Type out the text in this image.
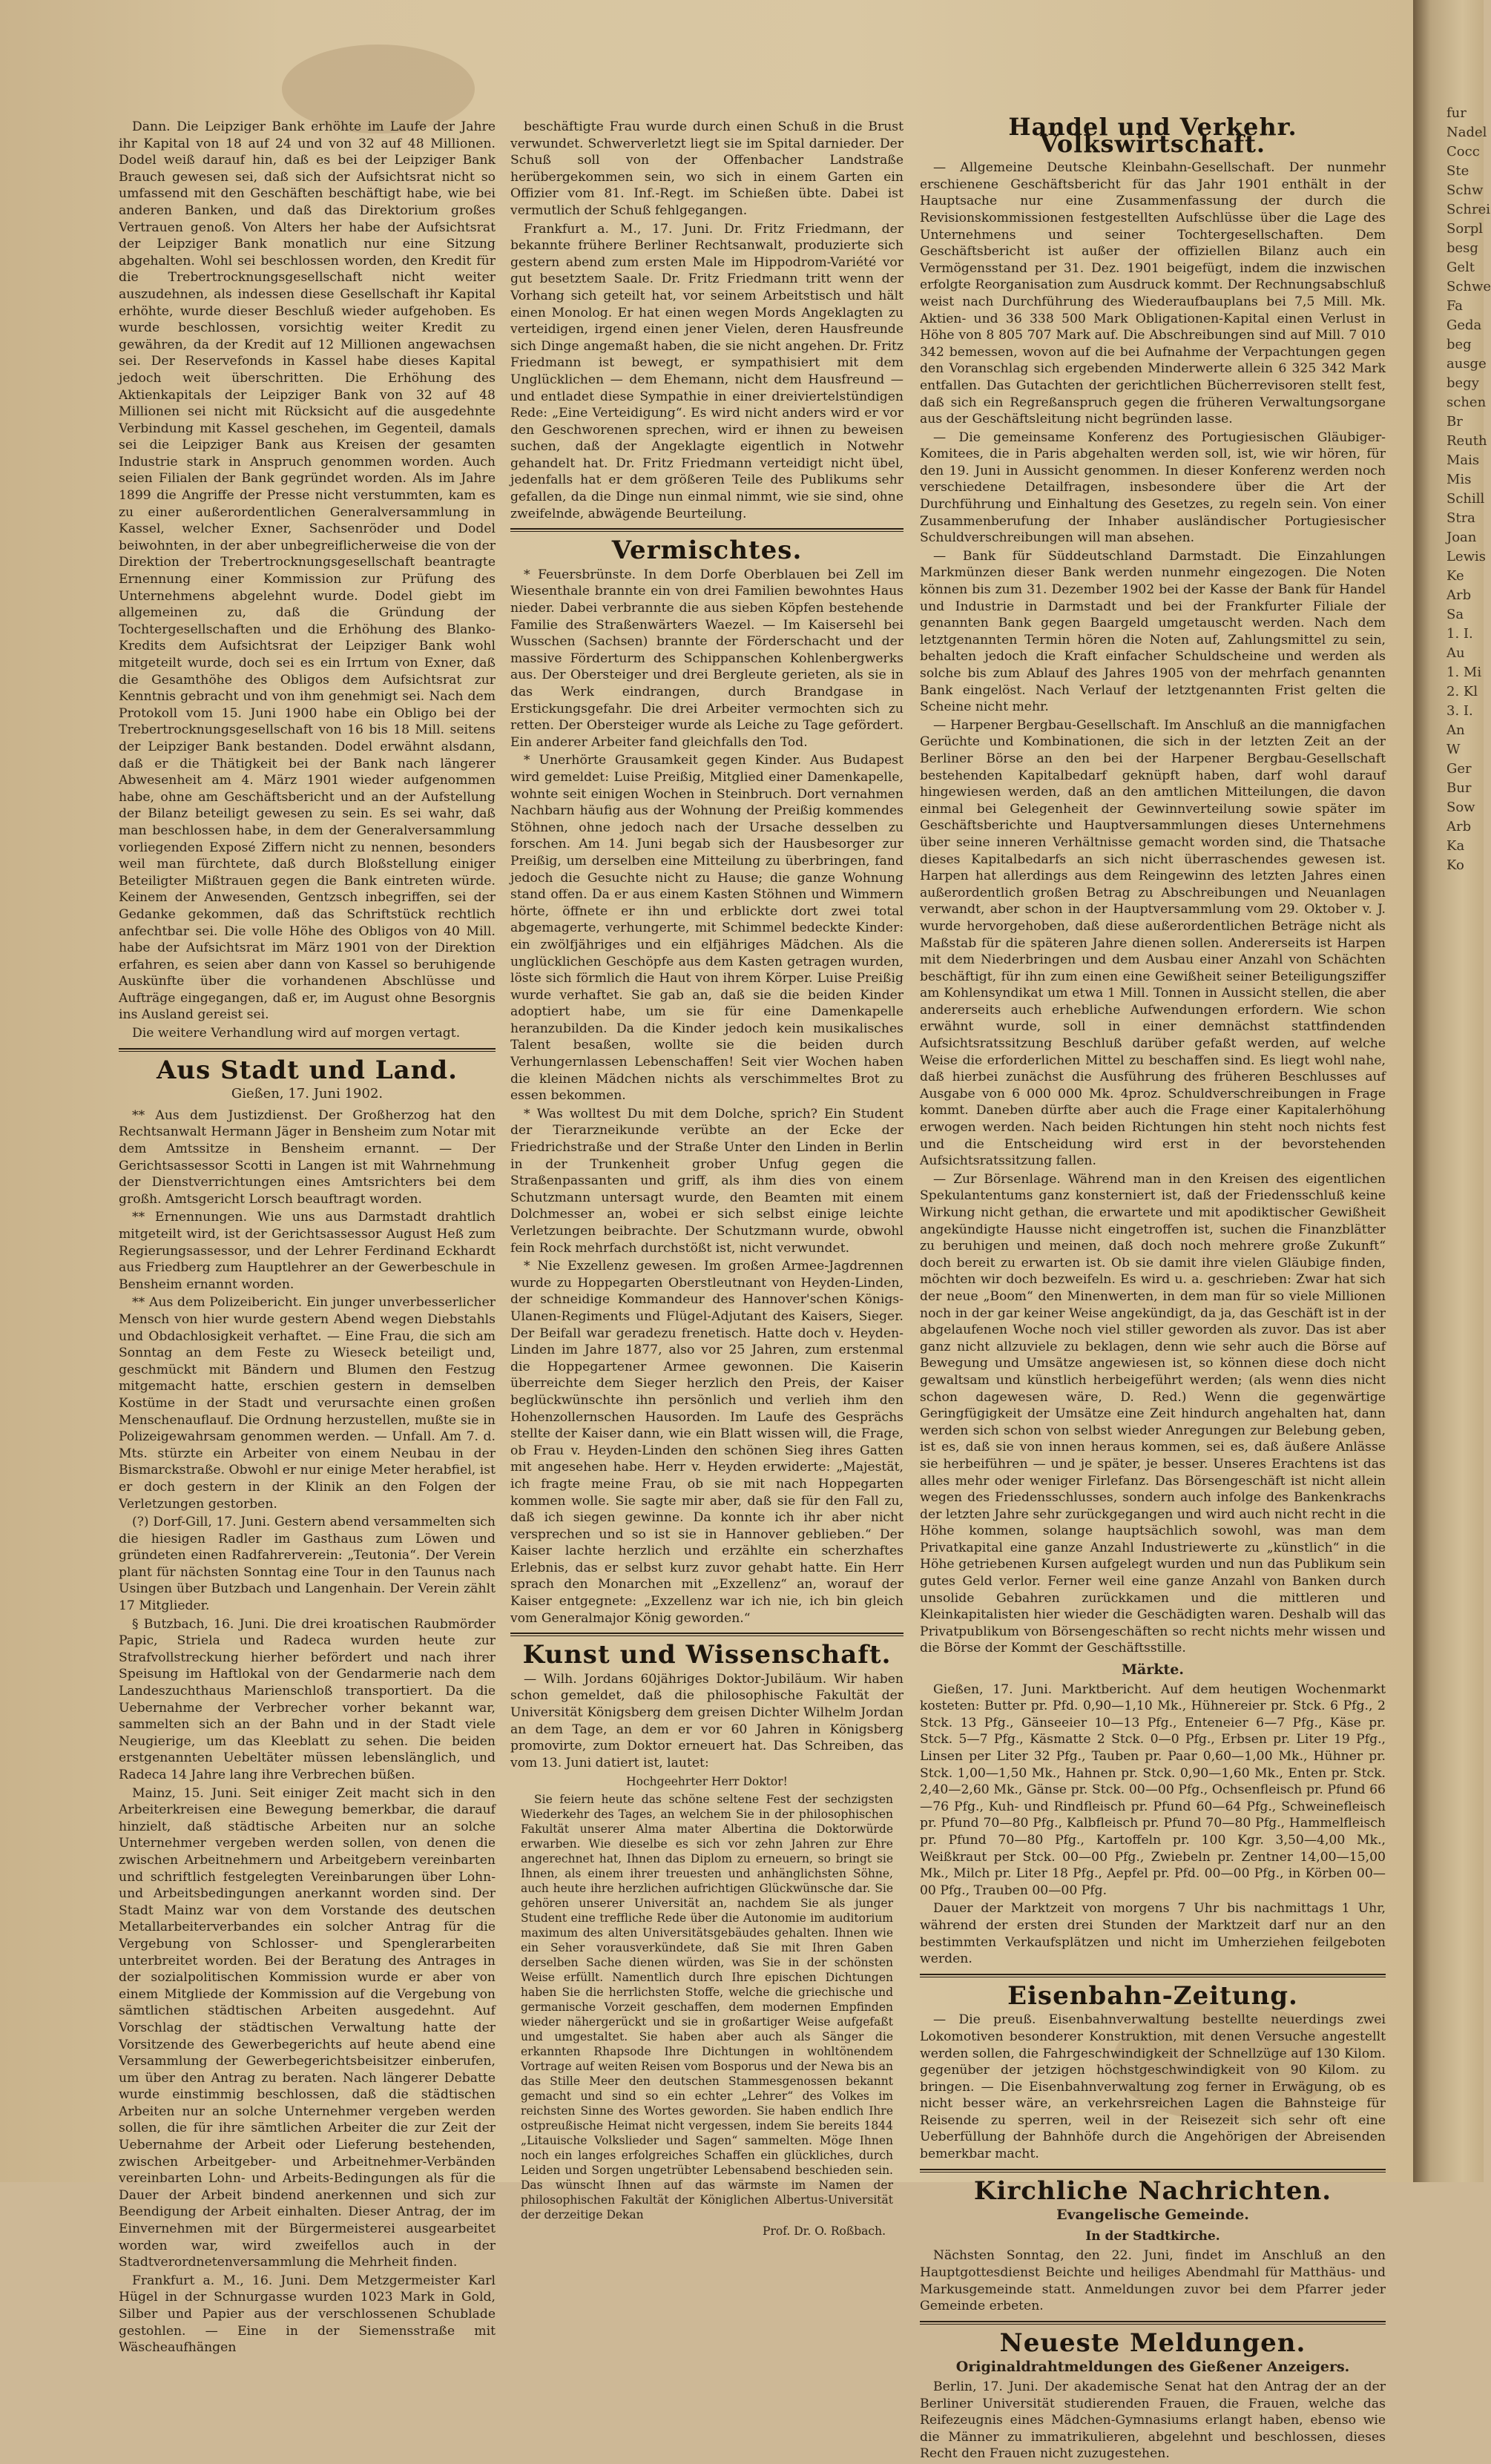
Dann. Die Leipziger Bank erhöhte im Laufe der Jahre ihr Kapital von 18 auf 24 und von 32 auf 48 Millionen. Dodel weiß darauf hin, daß es bei der Leipziger Bank Brauch gewesen sei, daß sich der Aufsichtsrat nicht so umfassend mit den Geschäften beschäftigt habe, wie bei anderen Banken, und daß das Direktorium großes Vertrauen genoß. Von Alters her habe der Aufsichtsrat der Leipziger Bank monatlich nur eine Sitzung abgehalten. Wohl sei beschlossen worden, den Kredit für die Trebertrocknungsgesellschaft nicht weiter auszudehnen, als indessen diese Gesellschaft ihr Kapital erhöhte, wurde dieser Beschluß wieder aufgehoben. Es wurde beschlossen, vorsichtig weiter Kredit zu gewähren, da der Kredit auf 12 Millionen angewachsen sei. Der Reservefonds in Kassel habe dieses Kapital jedoch weit überschritten. Die Erhöhung des Aktienkapitals der Leipziger Bank von 32 auf 48 Millionen sei nicht mit Rücksicht auf die ausgedehnte Verbindung mit Kassel geschehen, im Gegenteil, damals sei die Leipziger Bank aus Kreisen der gesamten Industrie stark in Anspruch genommen worden. Auch seien Filialen der Bank gegründet worden. Als im Jahre 1899 die Angriffe der Presse nicht verstummten, kam es zu einer außerordentlichen Generalversammlung in Kassel, welcher Exner, Sachsenröder und Dodel beiwohnten, in der aber unbegreiflicherweise die von der Direktion der Trebertrocknungsgesellschaft beantragte Ernennung einer Kommission zur Prüfung des Unternehmens abgelehnt wurde. Dodel giebt im allgemeinen zu, daß die Gründung der Tochtergesellschaften und die Erhöhung des Blanko-Kredits dem Aufsichtsrat der Leipziger Bank wohl mitgeteilt wurde, doch sei es ein Irrtum von Exner, daß die Gesamthöhe des Obligos dem Aufsichtsrat zur Kenntnis gebracht und von ihm genehmigt sei. Nach dem Protokoll vom 15. Juni 1900 habe ein Obligo bei der Trebertrocknungsgesellschaft von 16 bis 18 Mill. seitens der Leipziger Bank bestanden. Dodel erwähnt alsdann, daß er die Thätigkeit bei der Bank nach längerer Abwesenheit am 4. März 1901 wieder aufgenommen habe, ohne am Geschäftsbericht und an der Aufstellung der Bilanz beteiligt gewesen zu sein. Es sei wahr, daß man beschlossen habe, in dem der Generalversammlung vorliegenden Exposé Ziffern nicht zu nennen, besonders weil man fürchtete, daß durch Bloßstellung einiger Beteiligter Mißtrauen gegen die Bank eintreten würde. Keinem der Anwesenden, Gentzsch inbegriffen, sei der Gedanke gekommen, daß das Schriftstück rechtlich anfechtbar sei. Die volle Höhe des Obligos von 40 Mill. habe der Aufsichtsrat im März 1901 von der Direktion erfahren, es seien aber dann von Kassel so beruhigende Auskünfte über die vorhandenen Abschlüsse und Aufträge eingegangen, daß er, im August ohne Besorgnis ins Ausland gereist sei.

Die weitere Verhandlung wird auf morgen vertagt.

Aus Stadt und Land.
Gießen, 17. Juni 1902.

** Aus dem Justizdienst. Der Großherzog hat den Rechtsanwalt Hermann Jäger in Bensheim zum Notar mit dem Amtssitze in Bensheim ernannt. — Der Gerichtsassessor Scotti in Langen ist mit Wahrnehmung der Dienstverrichtungen eines Amtsrichters bei dem großh. Amtsgericht Lorsch beauftragt worden.

** Ernennungen. Wie uns aus Darmstadt drahtlich mitgeteilt wird, ist der Gerichtsassessor August Heß zum Regierungsassessor, und der Lehrer Ferdinand Eckhardt aus Friedberg zum Hauptlehrer an der Gewerbeschule in Bensheim ernannt worden.

** Aus dem Polizeibericht. Ein junger unverbesserlicher Mensch von hier wurde gestern Abend wegen Diebstahls und Obdachlosigkeit verhaftet. — Eine Frau, die sich am Sonntag an dem Feste zu Wieseck beteiligt und, geschmückt mit Bändern und Blumen den Festzug mitgemacht hatte, erschien gestern in demselben Kostüme in der Stadt und verursachte einen großen Menschenauflauf. Die Ordnung herzustellen, mußte sie in Polizeigewahrsam genommen werden. — Unfall. Am 7. d. Mts. stürzte ein Arbeiter von einem Neubau in der Bismarckstraße. Obwohl er nur einige Meter herabfiel, ist er doch gestern in der Klinik an den Folgen der Verletzungen gestorben.

(?) Dorf-Gill, 17. Juni. Gestern abend versammelten sich die hiesigen Radler im Gasthaus zum Löwen und gründeten einen Radfahrerverein: „Teutonia“. Der Verein plant für nächsten Sonntag eine Tour in den Taunus nach Usingen über Butzbach und Langenhain. Der Verein zählt 17 Mitglieder.

§ Butzbach, 16. Juni. Die drei kroatischen Raubmörder Papic, Striela und Radeca wurden heute zur Strafvollstreckung hierher befördert und nach ihrer Speisung im Haftlokal von der Gendarmerie nach dem Landeszuchthaus Marienschloß transportiert. Da die Uebernahme der Verbrecher vorher bekannt war, sammelten sich an der Bahn und in der Stadt viele Neugierige, um das Kleeblatt zu sehen. Die beiden erstgenannten Uebeltäter müssen lebenslänglich, und Radeca 14 Jahre lang ihre Verbrechen büßen.

Mainz, 15. Juni. Seit einiger Zeit macht sich in den Arbeiterkreisen eine Bewegung bemerkbar, die darauf hinzielt, daß städtische Arbeiten nur an solche Unternehmer vergeben werden sollen, von denen die zwischen Arbeitnehmern und Arbeitgebern vereinbarten und schriftlich festgelegten Vereinbarungen über Lohn- und Arbeitsbedingungen anerkannt worden sind. Der Stadt Mainz war von dem Vorstande des deutschen Metallarbeiterverbandes ein solcher Antrag für die Vergebung von Schlosser- und Spenglerarbeiten unterbreitet worden. Bei der Beratung des Antrages in der sozialpolitischen Kommission wurde er aber von einem Mitgliede der Kommission auf die Vergebung von sämtlichen städtischen Arbeiten ausgedehnt. Auf Vorschlag der städtischen Verwaltung hatte der Vorsitzende des Gewerbegerichts auf heute abend eine Versammlung der Gewerbegerichtsbeisitzer einberufen, um über den Antrag zu beraten. Nach längerer Debatte wurde einstimmig beschlossen, daß die städtischen Arbeiten nur an solche Unternehmer vergeben werden sollen, die für ihre sämtlichen Arbeiter die zur Zeit der Uebernahme der Arbeit oder Lieferung bestehenden, zwischen Arbeitgeber- und Arbeitnehmer-Verbänden vereinbarten Lohn- und Arbeits-Bedingungen als für die Dauer der Arbeit bindend anerkennen und sich zur Beendigung der Arbeit einhalten. Dieser Antrag, der im Einvernehmen mit der Bürgermeisterei ausgearbeitet worden war, wird zweifellos auch in der Stadtverordnetenversammlung die Mehrheit finden.

Frankfurt a. M., 16. Juni. Dem Metzgermeister Karl Hügel in der Schnurgasse wurden 1023 Mark in Gold, Silber und Papier aus der verschlossenen Schublade gestohlen. — Eine in der Siemensstraße mit Wäscheaufhängen

beschäftigte Frau wurde durch einen Schuß in die Brust verwundet. Schwerverletzt liegt sie im Spital darnieder. Der Schuß soll von der Offenbacher Landstraße herübergekommen sein, wo sich in einem Garten ein Offizier vom 81. Inf.-Regt. im Schießen übte. Dabei ist vermutlich der Schuß fehlgegangen.

Frankfurt a. M., 17. Juni. Dr. Fritz Friedmann, der bekannte frühere Berliner Rechtsanwalt, produzierte sich gestern abend zum ersten Male im Hippodrom-Variété vor gut besetztem Saale. Dr. Fritz Friedmann tritt wenn der Vorhang sich geteilt hat, vor seinem Arbeitstisch und hält einen Monolog. Er hat einen wegen Mords Angeklagten zu verteidigen, irgend einen jener Vielen, deren Hausfreunde sich Dinge angemaßt haben, die sie nicht angehen. Dr. Fritz Friedmann ist bewegt, er sympathisiert mit dem Unglücklichen — dem Ehemann, nicht dem Hausfreund — und entladet diese Sympathie in einer dreiviertelstündigen Rede: „Eine Verteidigung“. Es wird nicht anders wird er vor den Geschworenen sprechen, wird er ihnen zu beweisen suchen, daß der Angeklagte eigentlich in Notwehr gehandelt hat. Dr. Fritz Friedmann verteidigt nicht übel, jedenfalls hat er dem größeren Teile des Publikums sehr gefallen, da die Dinge nun einmal nimmt, wie sie sind, ohne zweifelnde, abwägende Beurteilung.

Vermischtes.

* Feuersbrünste. In dem Dorfe Oberblauen bei Zell im Wiesenthale brannte ein von drei Familien bewohntes Haus nieder. Dabei verbrannte die aus sieben Köpfen bestehende Familie des Straßenwärters Waezel. — Im Kaisersehl bei Wusschen (Sachsen) brannte der Förderschacht und der massive Förderturm des Schippanschen Kohlenbergwerks aus. Der Obersteiger und drei Bergleute gerieten, als sie in das Werk eindrangen, durch Brandgase in Erstickungsgefahr. Die drei Arbeiter vermochten sich zu retten. Der Obersteiger wurde als Leiche zu Tage gefördert. Ein anderer Arbeiter fand gleichfalls den Tod.

* Unerhörte Grausamkeit gegen Kinder. Aus Budapest wird gemeldet: Luise Preißig, Mitglied einer Damenkapelle, wohnte seit einigen Wochen in Steinbruch. Dort vernahmen Nachbarn häufig aus der Wohnung der Preißig kommendes Stöhnen, ohne jedoch nach der Ursache desselben zu forschen. Am 14. Juni begab sich der Hausbesorger zur Preißig, um derselben eine Mitteilung zu überbringen, fand jedoch die Gesuchte nicht zu Hause; die ganze Wohnung stand offen. Da er aus einem Kasten Stöhnen und Wimmern hörte, öffnete er ihn und erblickte dort zwei total abgemagerte, verhungerte, mit Schimmel bedeckte Kinder: ein zwölfjähriges und ein elfjähriges Mädchen. Als die unglücklichen Geschöpfe aus dem Kasten getragen wurden, löste sich förmlich die Haut von ihrem Körper. Luise Preißig wurde verhaftet. Sie gab an, daß sie die beiden Kinder adoptiert habe, um sie für eine Damenkapelle heranzubilden. Da die Kinder jedoch kein musikalisches Talent besaßen, wollte sie die beiden durch Verhungernlassen Lebenschaffen! Seit vier Wochen haben die kleinen Mädchen nichts als verschimmeltes Brot zu essen bekommen.

* Was wolltest Du mit dem Dolche, sprich? Ein Student der Tierarzneikunde verübte an der Ecke der Friedrichstraße und der Straße Unter den Linden in Berlin in der Trunkenheit grober Unfug gegen die Straßenpassanten und griff, als ihm dies von einem Schutzmann untersagt wurde, den Beamten mit einem Dolchmesser an, wobei er sich selbst einige leichte Verletzungen beibrachte. Der Schutzmann wurde, obwohl fein Rock mehrfach durchstößt ist, nicht verwundet.

* Nie Exzellenz gewesen. Im großen Armee-Jagdrennen wurde zu Hoppegarten Oberstleutnant von Heyden-Linden, der schneidige Kommandeur des Hannover'schen Königs-Ulanen-Regiments und Flügel-Adjutant des Kaisers, Sieger. Der Beifall war geradezu frenetisch. Hatte doch v. Heyden-Linden im Jahre 1877, also vor 25 Jahren, zum erstenmal die Hoppegartener Armee gewonnen. Die Kaiserin überreichte dem Sieger herzlich den Preis, der Kaiser beglückwünschte ihn persönlich und verlieh ihm den Hohenzollernschen Hausorden. Im Laufe des Gesprächs stellte der Kaiser dann, wie ein Blatt wissen will, die Frage, ob Frau v. Heyden-Linden den schönen Sieg ihres Gatten mit angesehen habe. Herr v. Heyden erwiderte: „Majestät, ich fragte meine Frau, ob sie mit nach Hoppegarten kommen wolle. Sie sagte mir aber, daß sie für den Fall zu, daß ich siegen gewinne. Da konnte ich ihr aber nicht versprechen und so ist sie in Hannover geblieben.“ Der Kaiser lachte herzlich und erzählte ein scherzhaftes Erlebnis, das er selbst kurz zuvor gehabt hatte. Ein Herr sprach den Monarchen mit „Exzellenz“ an, worauf der Kaiser entgegnete: „Exzellenz war ich nie, ich bin gleich vom Generalmajor König geworden.“

Kunst und Wissenschaft.

— Wilh. Jordans 60jähriges Doktor-Jubiläum. Wir haben schon gemeldet, daß die philosophische Fakultät der Universität Königsberg dem greisen Dichter Wilhelm Jordan an dem Tage, an dem er vor 60 Jahren in Königsberg promovirte, zum Doktor erneuert hat. Das Schreiben, das vom 13. Juni datiert ist, lautet:

Hochgeehrter Herr Doktor!

Sie feiern heute das schöne seltene Fest der sechzigsten Wiederkehr des Tages, an welchem Sie in der philosophischen Fakultät unserer Alma mater Albertina die Doktorwürde erwarben. Wie dieselbe es sich vor zehn Jahren zur Ehre angerechnet hat, Ihnen das Diplom zu erneuern, so bringt sie Ihnen, als einem ihrer treuesten und anhänglichsten Söhne, auch heute ihre herzlichen aufrichtigen Glückwünsche dar. Sie gehören unserer Universität an, nachdem Sie als junger Student eine treffliche Rede über die Autonomie im auditorium maximum des alten Universitätsgebäudes gehalten. Ihnen wie ein Seher vorausverkündete, daß Sie mit Ihren Gaben derselben Sache dienen würden, was Sie in der schönsten Weise erfüllt. Namentlich durch Ihre epischen Dichtungen haben Sie die herrlichsten Stoffe, welche die griechische und germanische Vorzeit geschaffen, dem modernen Empfinden wieder nähergerückt und sie in großartiger Weise aufgefaßt und umgestaltet. Sie haben aber auch als Sänger die erkannten Rhapsode Ihre Dichtungen in wohltönendem Vortrage auf weiten Reisen vom Bosporus und der Newa bis an das Stille Meer den deutschen Stammesgenossen bekannt gemacht und sind so ein echter „Lehrer“ des Volkes im reichsten Sinne des Wortes geworden. Sie haben endlich Ihre ostpreußische Heimat nicht vergessen, indem Sie bereits 1844 „Litauische Volkslieder und Sagen“ sammelten. Möge Ihnen noch ein langes erfolgreiches Schaffen ein glückliches, durch Leiden und Sorgen ungetrübter Lebensabend beschieden sein. Das wünscht Ihnen auf das wärmste im Namen der philosophischen Fakultät der Königlichen Albertus-Universität der derzeitige Dekan

Prof. Dr. O. Roßbach.
Handel und Verkehr. Volkswirtschaft.

— Allgemeine Deutsche Kleinbahn-Gesellschaft. Der nunmehr erschienene Geschäftsbericht für das Jahr 1901 enthält in der Hauptsache nur eine Zusammenfassung der durch die Revisionskommissionen festgestellten Aufschlüsse über die Lage des Unternehmens und seiner Tochtergesellschaften. Dem Geschäftsbericht ist außer der offiziellen Bilanz auch ein Vermögensstand per 31. Dez. 1901 beigefügt, indem die inzwischen erfolgte Reorganisation zum Ausdruck kommt. Der Rechnungsabschluß weist nach Durchführung des Wiederaufbauplans bei 7,5 Mill. Mk. Aktien- und 36 338 500 Mark Obligationen-Kapital einen Verlust in Höhe von 8 805 707 Mark auf. Die Abschreibungen sind auf Mill. 7 010 342 bemessen, wovon auf die bei Aufnahme der Verpachtungen gegen den Voranschlag sich ergebenden Minderwerte allein 6 325 342 Mark entfallen. Das Gutachten der gerichtlichen Bücherrevisoren stellt fest, daß sich ein Regreßanspruch gegen die früheren Verwaltungsorgane aus der Geschäftsleitung nicht begründen lasse.

— Die gemeinsame Konferenz des Portugiesischen Gläubiger-Komitees, die in Paris abgehalten werden soll, ist, wie wir hören, für den 19. Juni in Aussicht genommen. In dieser Konferenz werden noch verschiedene Detailfragen, insbesondere über die Art der Durchführung und Einhaltung des Gesetzes, zu regeln sein. Von einer Zusammenberufung der Inhaber ausländischer Portugiesischer Schuldverschreibungen will man absehen.

— Bank für Süddeutschland Darmstadt. Die Einzahlungen Markmünzen dieser Bank werden nunmehr eingezogen. Die Noten können bis zum 31. Dezember 1902 bei der Kasse der Bank für Handel und Industrie in Darmstadt und bei der Frankfurter Filiale der genannten Bank gegen Baargeld umgetauscht werden. Nach dem letztgenannten Termin hören die Noten auf, Zahlungsmittel zu sein, behalten jedoch die Kraft einfacher Schuldscheine und werden als solche bis zum Ablauf des Jahres 1905 von der mehrfach genannten Bank eingelöst. Nach Verlauf der letztgenannten Frist gelten die Scheine nicht mehr.

— Harpener Bergbau-Gesellschaft. Im Anschluß an die mannigfachen Gerüchte und Kombinationen, die sich in der letzten Zeit an der Berliner Börse an den bei der Harpener Bergbau-Gesellschaft bestehenden Kapitalbedarf geknüpft haben, darf wohl darauf hingewiesen werden, daß an den amtlichen Mitteilungen, die davon einmal bei Gelegenheit der Gewinnverteilung sowie später im Geschäftsberichte und Hauptversammlungen dieses Unternehmens über seine inneren Verhältnisse gemacht worden sind, die Thatsache dieses Kapitalbedarfs an sich nicht überraschendes gewesen ist. Harpen hat allerdings aus dem Reingewinn des letzten Jahres einen außerordentlich großen Betrag zu Abschreibungen und Neuanlagen verwandt, aber schon in der Hauptversammlung vom 29. Oktober v. J. wurde hervorgehoben, daß diese außerordentlichen Beträge nicht als Maßstab für die späteren Jahre dienen sollen. Andererseits ist Harpen mit dem Niederbringen und dem Ausbau einer Anzahl von Schächten beschäftigt, für ihn zum einen eine Gewißheit seiner Beteiligungsziffer am Kohlensyndikat um etwa 1 Mill. Tonnen in Aussicht stellen, die aber andererseits auch erhebliche Aufwendungen erfordern. Wie schon erwähnt wurde, soll in einer demnächst stattfindenden Aufsichtsratssitzung Beschluß darüber gefaßt werden, auf welche Weise die erforderlichen Mittel zu beschaffen sind. Es liegt wohl nahe, daß hierbei zunächst die Ausführung des früheren Beschlusses auf Ausgabe von 6 000 000 Mk. 4proz. Schuldverschreibungen in Frage kommt. Daneben dürfte aber auch die Frage einer Kapitalerhöhung erwogen werden. Nach beiden Richtungen hin steht noch nichts fest und die Entscheidung wird erst in der bevorstehenden Aufsichtsratssitzung fallen.

— Zur Börsenlage. Während man in den Kreisen des eigentlichen Spekulantentums ganz konsterniert ist, daß der Friedensschluß keine Wirkung nicht gethan, die erwartete und mit apodiktischer Gewißheit angekündigte Hausse nicht eingetroffen ist, suchen die Finanzblätter zu beruhigen und meinen, daß doch noch mehrere große Zukunft“ doch bereit zu erwarten ist. Ob sie damit ihre vielen Gläubige finden, möchten wir doch bezweifeln. Es wird u. a. geschrieben: Zwar hat sich der neue „Boom“ den Minenwerten, in dem man für so viele Millionen noch in der gar keiner Weise angekündigt, da ja, das Geschäft ist in der abgelaufenen Woche noch viel stiller geworden als zuvor. Das ist aber ganz nicht allzuviele zu beklagen, denn wie sehr auch die Börse auf Bewegung und Umsätze angewiesen ist, so können diese doch nicht gewaltsam und künstlich herbeigeführt werden; (als wenn dies nicht schon dagewesen wäre, D. Red.) Wenn die gegenwärtige Geringfügigkeit der Umsätze eine Zeit hindurch angehalten hat, dann werden sich schon von selbst wieder Anregungen zur Belebung geben, ist es, daß sie von innen heraus kommen, sei es, daß äußere Anlässe sie herbeiführen — und je später, je besser. Unseres Erachtens ist das alles mehr oder weniger Firlefanz. Das Börsengeschäft ist nicht allein wegen des Friedensschlusses, sondern auch infolge des Bankenkrachs der letzten Jahre sehr zurückgegangen und wird auch nicht recht in die Höhe kommen, solange hauptsächlich sowohl, was man dem Privatkapital eine ganze Anzahl Industriewerte zu „künstlich“ in die Höhe getriebenen Kursen aufgelegt wurden und nun das Publikum sein gutes Geld verlor. Ferner weil eine ganze Anzahl von Banken durch unsolide Gebahren zurückkamen und die mittleren und Kleinkapitalisten hier wieder die Geschädigten waren. Deshalb will das Privatpublikum von Börsengeschäften so recht nichts mehr wissen und die Börse der Kommt der Geschäftsstille.

Märkte.

Gießen, 17. Juni. Marktbericht. Auf dem heutigen Wochenmarkt kosteten: Butter pr. Pfd. 0,90—1,10 Mk., Hühnereier pr. Stck. 6 Pfg., 2 Stck. 13 Pfg., Gänseeier 10—13 Pfg., Enteneier 6—7 Pfg., Käse pr. Stck. 5—7 Pfg., Käsmatte 2 Stck. 0—0 Pfg., Erbsen pr. Liter 19 Pfg., Linsen per Liter 32 Pfg., Tauben pr. Paar 0,60—1,00 Mk., Hühner pr. Stck. 1,00—1,50 Mk., Hahnen pr. Stck. 0,90—1,60 Mk., Enten pr. Stck. 2,40—2,60 Mk., Gänse pr. Stck. 00—00 Pfg., Ochsenfleisch pr. Pfund 66—76 Pfg., Kuh- und Rindfleisch pr. Pfund 60—64 Pfg., Schweinefleisch pr. Pfund 70—80 Pfg., Kalbfleisch pr. Pfund 70—80 Pfg., Hammelfleisch pr. Pfund 70—80 Pfg., Kartoffeln pr. 100 Kgr. 3,50—4,00 Mk., Weißkraut per Stck. 00—00 Pfg., Zwiebeln pr. Zentner 14,00—15,00 Mk., Milch pr. Liter 18 Pfg., Aepfel pr. Pfd. 00—00 Pfg., in Körben 00—00 Pfg., Trauben 00—00 Pfg.

Dauer der Marktzeit von morgens 7 Uhr bis nachmittags 1 Uhr, während der ersten drei Stunden der Marktzeit darf nur an den bestimmten Verkaufsplätzen und nicht im Umherziehen feilgeboten werden.

Eisenbahn-Zeitung.

— Die preuß. Eisenbahnverwaltung bestellte neuerdings zwei Lokomotiven besonderer Konstruktion, mit denen Versuche angestellt werden sollen, die Fahrgeschwindigkeit der Schnellzüge auf 130 Kilom. gegenüber der jetzigen höchstgeschwindigkeit von 90 Kilom. zu bringen. — Die Eisenbahnverwaltung zog ferner in Erwägung, ob es nicht besser wäre, an verkehrsreichen Lagen die Bahnsteige für Reisende zu sperren, weil in der Reisezeit sich sehr oft eine Ueberfüllung der Bahnhöfe durch die Angehörigen der Abreisenden bemerkbar macht.

Kirchliche Nachrichten.
Evangelische Gemeinde.
In der Stadtkirche.

Nächsten Sonntag, den 22. Juni, findet im Anschluß an den Hauptgottesdienst Beichte und heiliges Abendmahl für Matthäus- und Markusgemeinde statt. Anmeldungen zuvor bei dem Pfarrer jeder Gemeinde erbeten.

Neueste Meldungen.
Originaldrahtmeldungen des Gießener Anzeigers.

Berlin, 17. Juni. Der akademische Senat hat den Antrag der an der Berliner Universität studierenden Frauen, die Frauen, welche das Reifezeugnis eines Mädchen-Gymnasiums erlangt haben, ebenso wie die Männer zu immatrikulieren, abgelehnt und beschlossen, dieses Recht den Frauen nicht zuzugestehen.

fur
Nadel
Cocc
Ste
Schw
Schrei
Sorpl
besg
Gelt
Schwe
Fa
Geda
beg
ausge
begy
schen
Br
Reuth
Mais
Mis
Schill
Stra
Joan
Lewis
Ke
Arb
Sa
1. I.
Au
1. Mi
2. Kl
3. I.
An
W
Ger
Bur
Sow
Arb
Ka
Ko
